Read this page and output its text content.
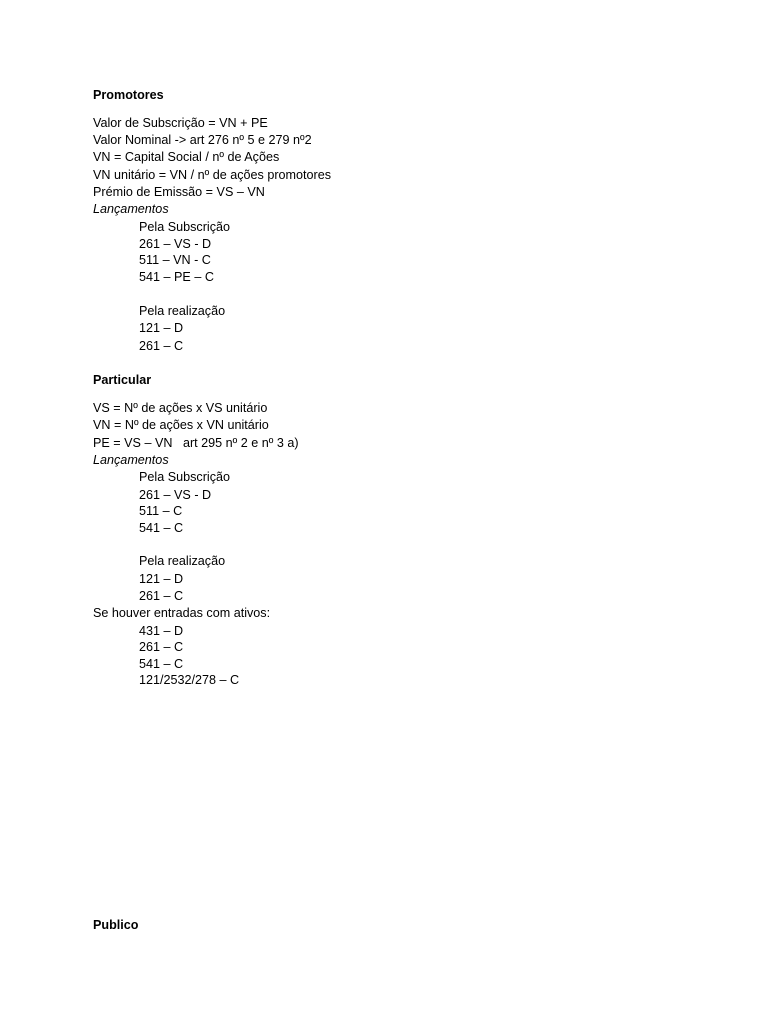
Promotores
Valor de Subscrição = VN + PE
Valor Nominal -> art 276 nº 5 e 279 nº2
VN = Capital Social / nº de Ações
VN unitário = VN / nº de ações promotores
Prémio de Emissão = VS – VN
Lançamentos
Pela Subscrição
261 – VS - D
511 – VN - C
541 – PE – C
Pela realização
121 – D
261 – C
Particular
VS = Nº de ações x VS unitário
VN = Nº de ações x VN unitário
PE = VS – VN   art 295 nº 2 e nº 3 a)
Lançamentos
Pela Subscrição
261 – VS - D
511 – C
541 – C
Pela realização
121 – D
261 – C
Se houver entradas com ativos:
431 – D
261 – C
541 – C
121/2532/278 – C
Publico
